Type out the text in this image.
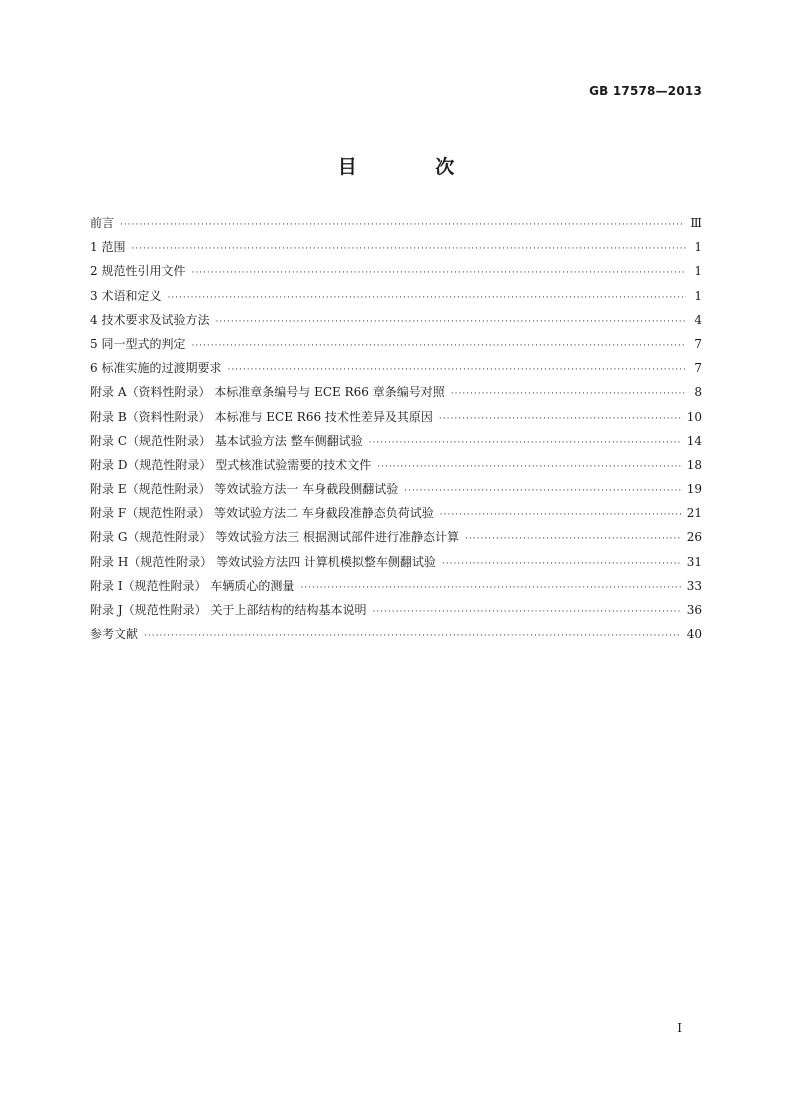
GB 17578—2013
目 次
前言 ·····	Ⅲ
1 范围 ·····	1
2 规范性引用文件 ·····	1
3 术语和定义 ·····	1
4 技术要求及试验方法 ·····	4
5 同一型式的判定 ·····	7
6 标准实施的过渡期要求 ·····	7
附录 A（资料性附录） 本标准章条编号与 ECE R66 章条编号对照 ·····	8
附录 B（资料性附录） 本标准与 ECE R66 技术性差异及其原因 ·····	10
附录 C（规范性附录） 基本试验方法 整车侧翻试验 ·····	14
附录 D（规范性附录） 型式核准试验需要的技术文件 ·····	18
附录 E（规范性附录） 等效试验方法一 车身截段侧翻试验 ·····	19
附录 F（规范性附录） 等效试验方法二 车身截段准静态负荷试验 ·····	21
附录 G（规范性附录） 等效试验方法三 根据测试部件进行准静态计算 ·····	26
附录 H（规范性附录） 等效试验方法四 计算机模拟整车侧翻试验 ·····	31
附录 I（规范性附录） 车辆质心的测量 ·····	33
附录 J（规范性附录） 关于上部结构的结构基本说明 ·····	36
参考文献 ·····	40
I
